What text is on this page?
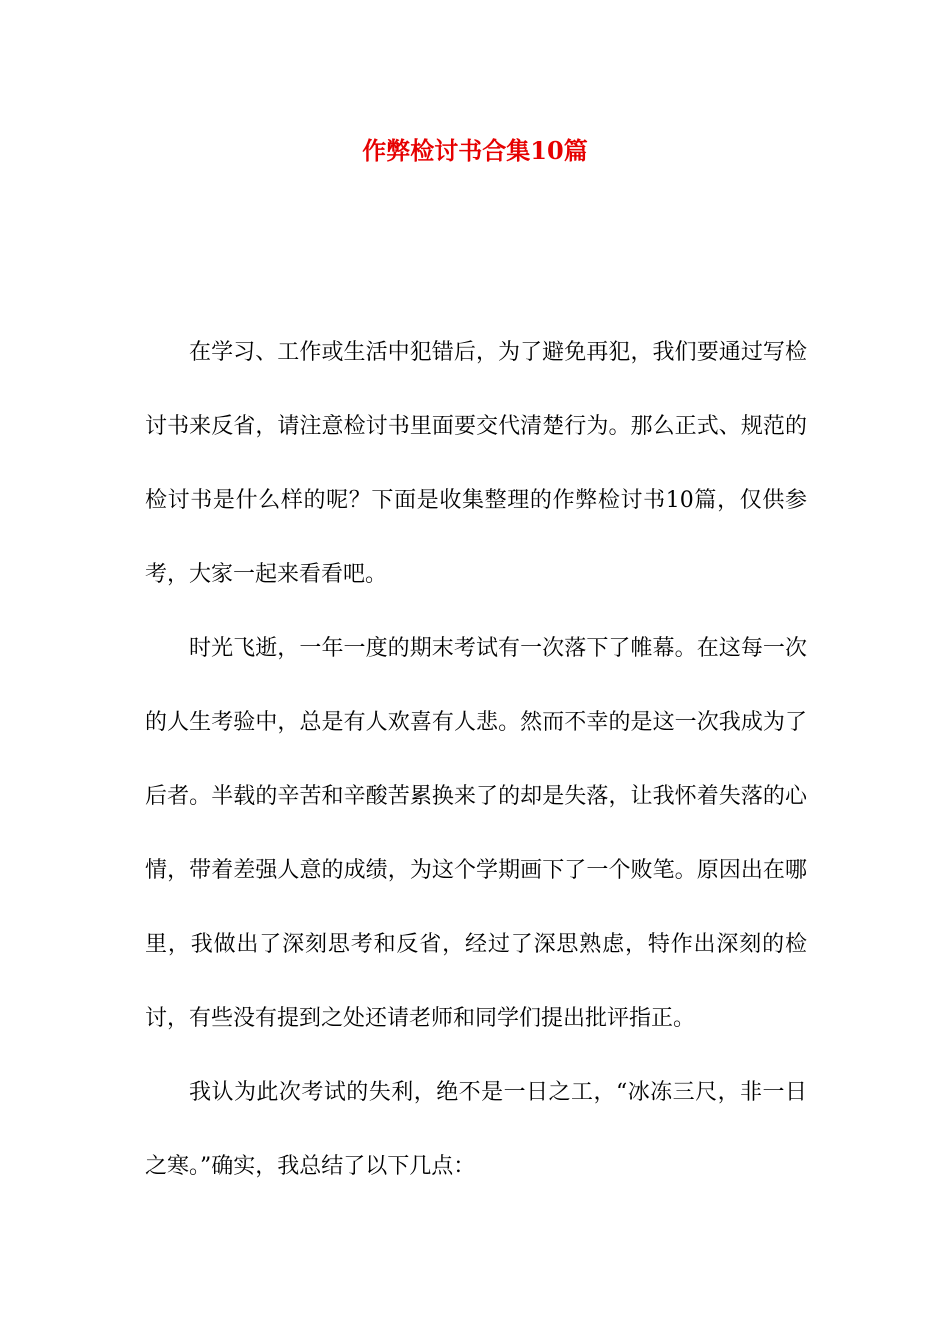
作弊检讨书合集10篇

在学习、工作或生活中犯错后，为了避免再犯，我们要通过写检讨书来反省，请注意检讨书里面要交代清楚行为。那么正式、规范的检讨书是什么样的呢？下面是收集整理的作弊检讨书10篇，仅供参考，大家一起来看看吧。

时光飞逝，一年一度的期末考试有一次落下了帷幕。在这每一次的人生考验中，总是有人欢喜有人悲。然而不幸的是这一次我成为了后者。半载的辛苦和辛酸苦累换来了的却是失落，让我怀着失落的心情，带着差强人意的成绩，为这个学期画下了一个败笔。原因出在哪里，我做出了深刻思考和反省，经过了深思熟虑，特作出深刻的检讨，有些没有提到之处还请老师和同学们提出批评指正。

我认为此次考试的失利，绝不是一日之工，“冰冻三尺，非一日之寒。”确实，我总结了以下几点：
